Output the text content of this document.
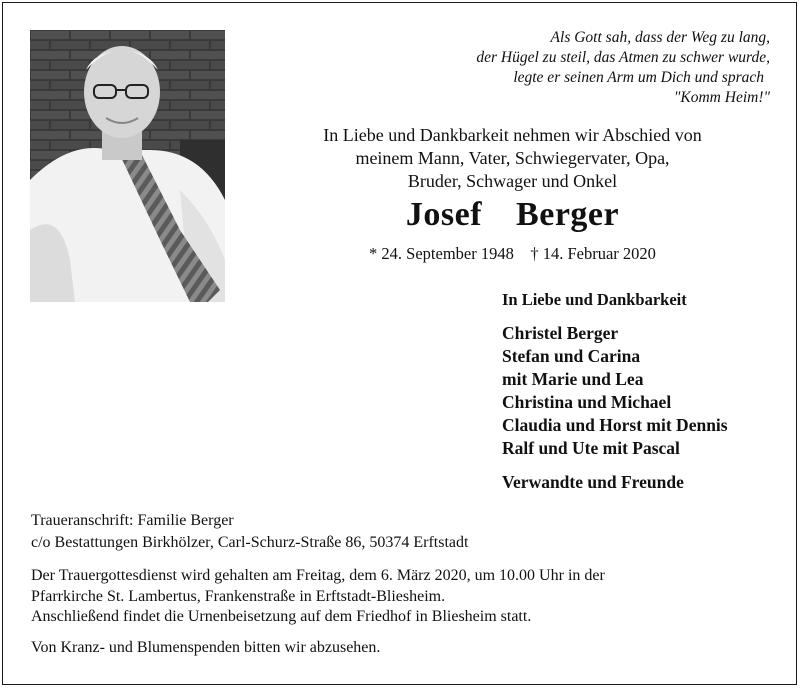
Als Gott sah, dass der Weg zu lang,
der Hügel zu steil, das Atmen zu schwer wurde,
legte er seinen Arm um Dich und sprach
"Komm Heim!"
In Liebe und Dankbarkeit nehmen wir Abschied von
meinem Mann, Vater, Schwiegervater, Opa,
Bruder, Schwager und Onkel
Josef  Berger
* 24. September 1948 † 14. Februar 2020
In Liebe und Dankbarkeit
Christel Berger
Stefan und Carina
mit Marie und Lea
Christina und Michael
Claudia und Horst mit Dennis
Ralf und Ute mit Pascal
Verwandte und Freunde
Traueranschrift: Familie Berger
c/o Bestattungen Birkhölzer, Carl-Schurz-Straße 86, 50374 Erftstadt
Der Trauergottesdienst wird gehalten am Freitag, dem 6. März 2020, um 10.00 Uhr in der
Pfarrkirche St. Lambertus, Frankenstraße in Erftstadt-Bliesheim.
Anschließend findet die Urnenbeisetzung auf dem Friedhof in Bliesheim statt.
Von Kranz- und Blumenspenden bitten wir abzusehen.
